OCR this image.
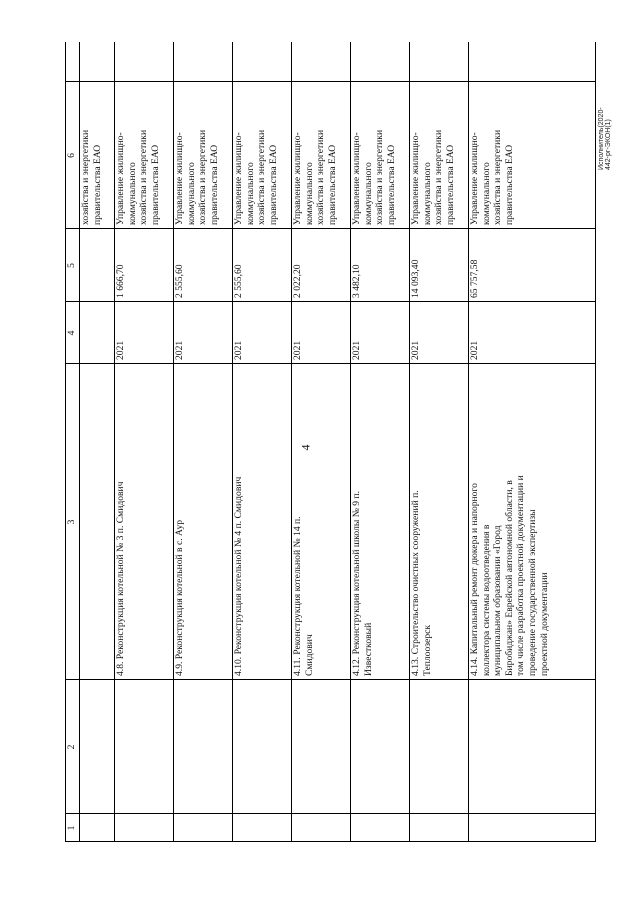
4
Исполнитель(2020-442-рг-ЭКОН(1)
1
2
3
4
5
6
хозяйства и энергетики
правительства ЕАО
4.8. Реконструкция котельной № 3 п. Смидович
2021
1 666,70
Управление жилищно-
коммунального
хозяйства и энергетики
правительства ЕАО
4.9. Реконструкция котельной в с. Аур
2021
2 555,60
Управление жилищно-
коммунального
хозяйства и энергетики
правительства ЕАО
4.10. Реконструкция котельной № 4 п. Смидович
2021
2 555,60
Управление жилищно-
коммунального
хозяйства и энергетики
правительства ЕАО
4.11. Реконструкция котельной № 14 п.
Смидович
2021
2 022,20
Управление жилищно-
коммунального
хозяйства и энергетики
правительства ЕАО
4.12. Реконструкция котельной школы № 9 п.
Известковый
2021
3 482,10
Управление жилищно-
коммунального
хозяйства и энергетики
правительства ЕАО
4.13. Строительство очистных сооружений п.
Теплоозерск
2021
14 093,40
Управление жилищно-
коммунального
хозяйства и энергетики
правительства ЕАО
4.14. Капитальный ремонт дюкера и напорного
коллектора системы водоотведения в
муниципальном образовании «Город
Биробиджан» Еврейской автономной области, в
том числе разработка проектной документации и
проведение государственной экспертизы
проектной документации
2021
65 757,58
Управление жилищно-
коммунального
хозяйства и энергетики
правительства ЕАО
